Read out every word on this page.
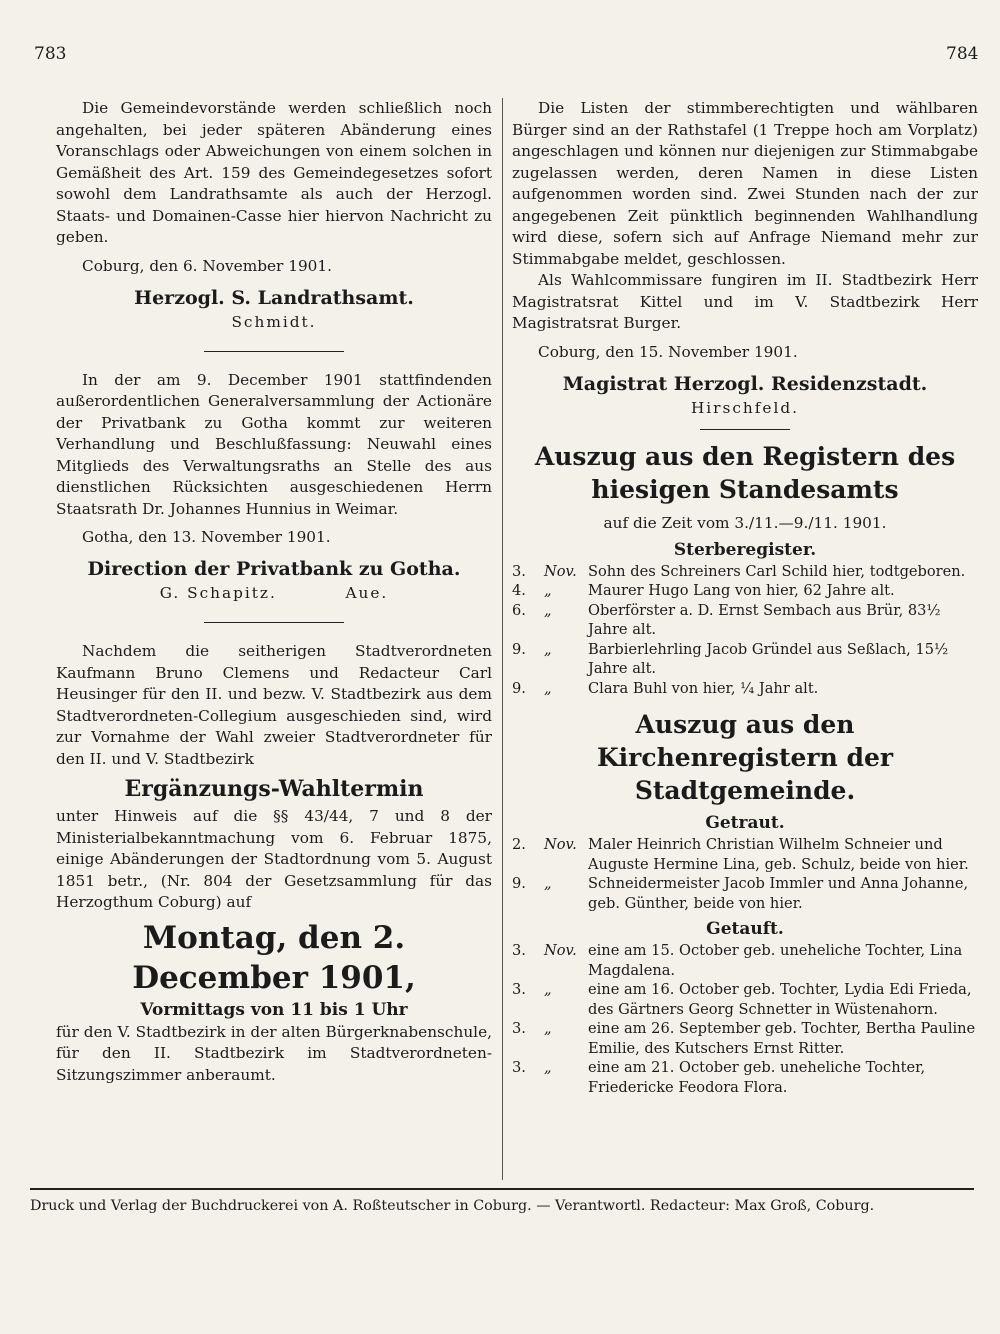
783	784

Die Gemeindevorstände werden schließlich noch angehalten, bei jeder späteren Abänderung eines Voranschlags oder Abweichungen von einem solchen in Gemäßheit des Art. 159 des Gemeindegesetzes sofort sowohl dem Landrathsamte als auch der Herzogl. Staats- und Domainen-Casse hier hiervon Nachricht zu geben.

Coburg, den 6. November 1901.

Herzogl. S. Landrathsamt.
Schmidt.

In der am 9. December 1901 stattfindenden außerordentlichen Generalversammlung der Actionäre der Privatbank zu Gotha kommt zur weiteren Verhandlung und Beschlußfassung: Neuwahl eines Mitglieds des Verwaltungsraths an Stelle des aus dienstlichen Rücksichten ausgeschiedenen Herrn Staatsrath Dr. Johannes Hunnius in Weimar.

Gotha, den 13. November 1901.

Direction der Privatbank zu Gotha.
G. Schapitz.          Aue.

Nachdem die seitherigen Stadtverordneten Kaufmann Bruno Clemens und Redacteur Carl Heusinger für den II. und bezw. V. Stadtbezirk aus dem Stadtverordneten-Collegium ausgeschieden sind, wird zur Vornahme der Wahl zweier Stadtverordneter für den II. und V. Stadtbezirk

Ergänzungs-Wahltermin

unter Hinweis auf die §§ 43/44, 7 und 8 der Ministerialbekanntmachung vom 6. Februar 1875, einige Abänderungen der Stadtordnung vom 5. August 1851 betr., (Nr. 804 der Gesetzsammlung für das Herzogthum Coburg) auf

Montag, den 2. December 1901,
Vormittags von 11 bis 1 Uhr

für den V. Stadtbezirk in der alten Bürgerknabenschule, für den II. Stadtbezirk im Stadtverordneten-Sitzungszimmer anberaumt.

Die Listen der stimmberechtigten und wählbaren Bürger sind an der Rathstafel (1 Treppe hoch am Vorplatz) angeschlagen und können nur diejenigen zur Stimmabgabe zugelassen werden, deren Namen in diese Listen aufgenommen worden sind. Zwei Stunden nach der zur angegebenen Zeit pünktlich beginnenden Wahlhandlung wird diese, sofern sich auf Anfrage Niemand mehr zur Stimmabgabe meldet, geschlossen.

Als Wahlcommissare fungiren im II. Stadtbezirk Herr Magistratsrat Kittel und im V. Stadtbezirk Herr Magistratsrat Burger.

Coburg, den 15. November 1901.

Magistrat Herzogl. Residenzstadt.
Hirschfeld.
Auszug aus den Registern des hiesigen Standesamts
auf die Zeit vom 3./11.—9./11. 1901.
Sterberegister.
3.	Nov. Sohn des Schreiners Carl Schild hier, todtgeboren.
4.	„	Maurer Hugo Lang von hier, 62 Jahre alt.
6.	„	Oberförster a. D. Ernst Sembach aus Brür, 83½ Jahre alt.
9.	„	Barbierlehrling Jacob Gründel aus Seßlach, 15½ Jahre alt.
9.	„	Clara Buhl von hier, ¼ Jahr alt.
Auszug aus den Kirchenregistern der Stadtgemeinde.
Getraut.
2.	Nov. Maler Heinrich Christian Wilhelm Schneier und Auguste Hermine Lina, geb. Schulz, beide von hier.
9.	„	Schneidermeister Jacob Immler und Anna Johanne, geb. Günther, beide von hier.
Getauft.
3.	Nov. eine am 15. October geb. uneheliche Tochter, Lina Magdalena.
3.	„	eine am 16. October geb. Tochter, Lydia Edi Frieda, des Gärtners Georg Schnetter in Wüstenahorn.
3.	„	eine am 26. September geb. Tochter, Bertha Pauline Emilie, des Kutschers Ernst Ritter.
3.	„	eine am 21. October geb. uneheliche Tochter, Friedericke Feodora Flora.
Druck und Verlag der Buchdruckerei von A. Roßteutscher in Coburg. — Verantwortl. Redacteur: Max Groß, Coburg.
